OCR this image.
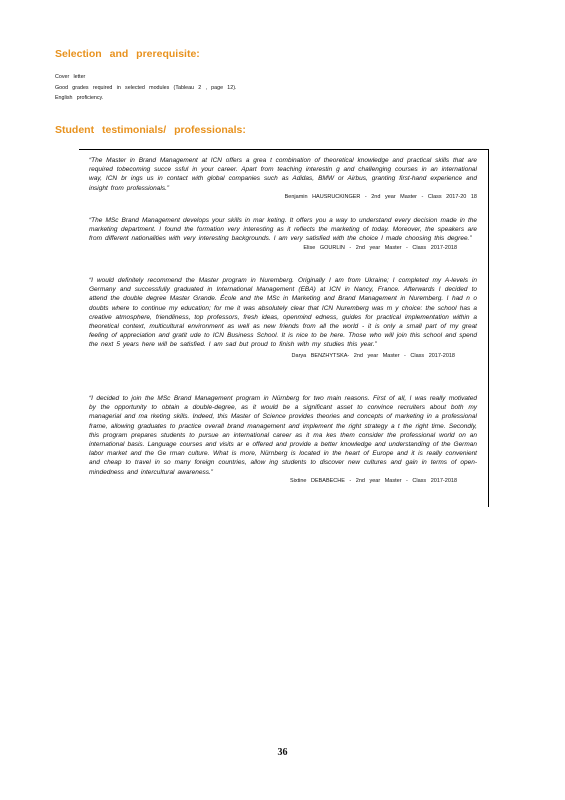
Selection and prerequisite:
Cover letter
Good grades required in selected modules (Tableau 2 , page 12).
English proficiency.
Student testimonials/ professionals:

“The Master in Brand Management at ICN offers a grea t combination of theoretical knowledge and practical skills that are required tobecoming succe ssful in your career. Apart from teaching interestin g and challenging courses in an international way, ICN br ings us in contact with global companies such as Adidas, BMW or Airbus, granting first-hand experience and insight from professionals.”

Benjamin HAUSRUCKINGER - 2nd year Master - Class 2017-20 18

“The MSc Brand Management develops your skills in mar keting. It offers you a way to understand every decision made in the marketing department. I found the formation very interesting as it reflects the marketing of today. Moreover, the speakers are from different nationalities with very interesting backgrounds. I am very satisfied with the choice I made choosing this degree.”

Elise GOURLIN - 2nd year Master - Class 2017-2018

“I would definitely recommend the Master program in Nuremberg. Originally I am from Ukraine; I completed my A-levels in Germany and successfully graduated in International Management (EBA) at ICN in Nancy, France. Afterwards I decided to attend the double degree Master Grande. École and the MSc in Marketing and Brand Management in Nuremberg. I had n o doubts where to continue my education; for me it was absolutely clear that ICN Nuremberg was m y choice: the school has a creative atmosphere, friendliness, top professors, fresh ideas, openmind edness, guides for practical implementation within a theoretical context, multicultural environment as well as new friends from all the world - it is only a small part of my great feeling of appreciation and gratit ude to ICN Business School. It is nice to be here. Those who will join this school and spend the next 5 years here will be satisfied. I am sad but proud to finish with my studies this year.”

Darya BENZHYTSKA- 2nd year Master - Class 2017-2018

“I decided to join the MSc Brand Management program in Nürnberg for two main reasons. First of all, I was really motivated by the opportunity to obtain a double-degree, as it would be a significant asset to convince recruiters about both my managerial and ma rketing skills. Indeed, this Master of Science provides theories and concepts of marketing in a professional frame, allowing graduates to practice overall brand management and implement the right strategy a t the right time. Secondly, this program prepares students to pursue an international career as it ma kes them consider the professional world on an international basis. Language courses and visits ar e offered and provide a better knowledge and understanding of the German labor market and the Ge rman culture. What is more, Nürnberg is located in the heart of Europe and it is really convenient and cheap to travel in so many foreign countries, allow ing students to discover new cultures and gain in terms of open-mindedness and intercultural awareness.”

Sixtine DEBABECHE - 2nd year Master - Class 2017-2018

36
